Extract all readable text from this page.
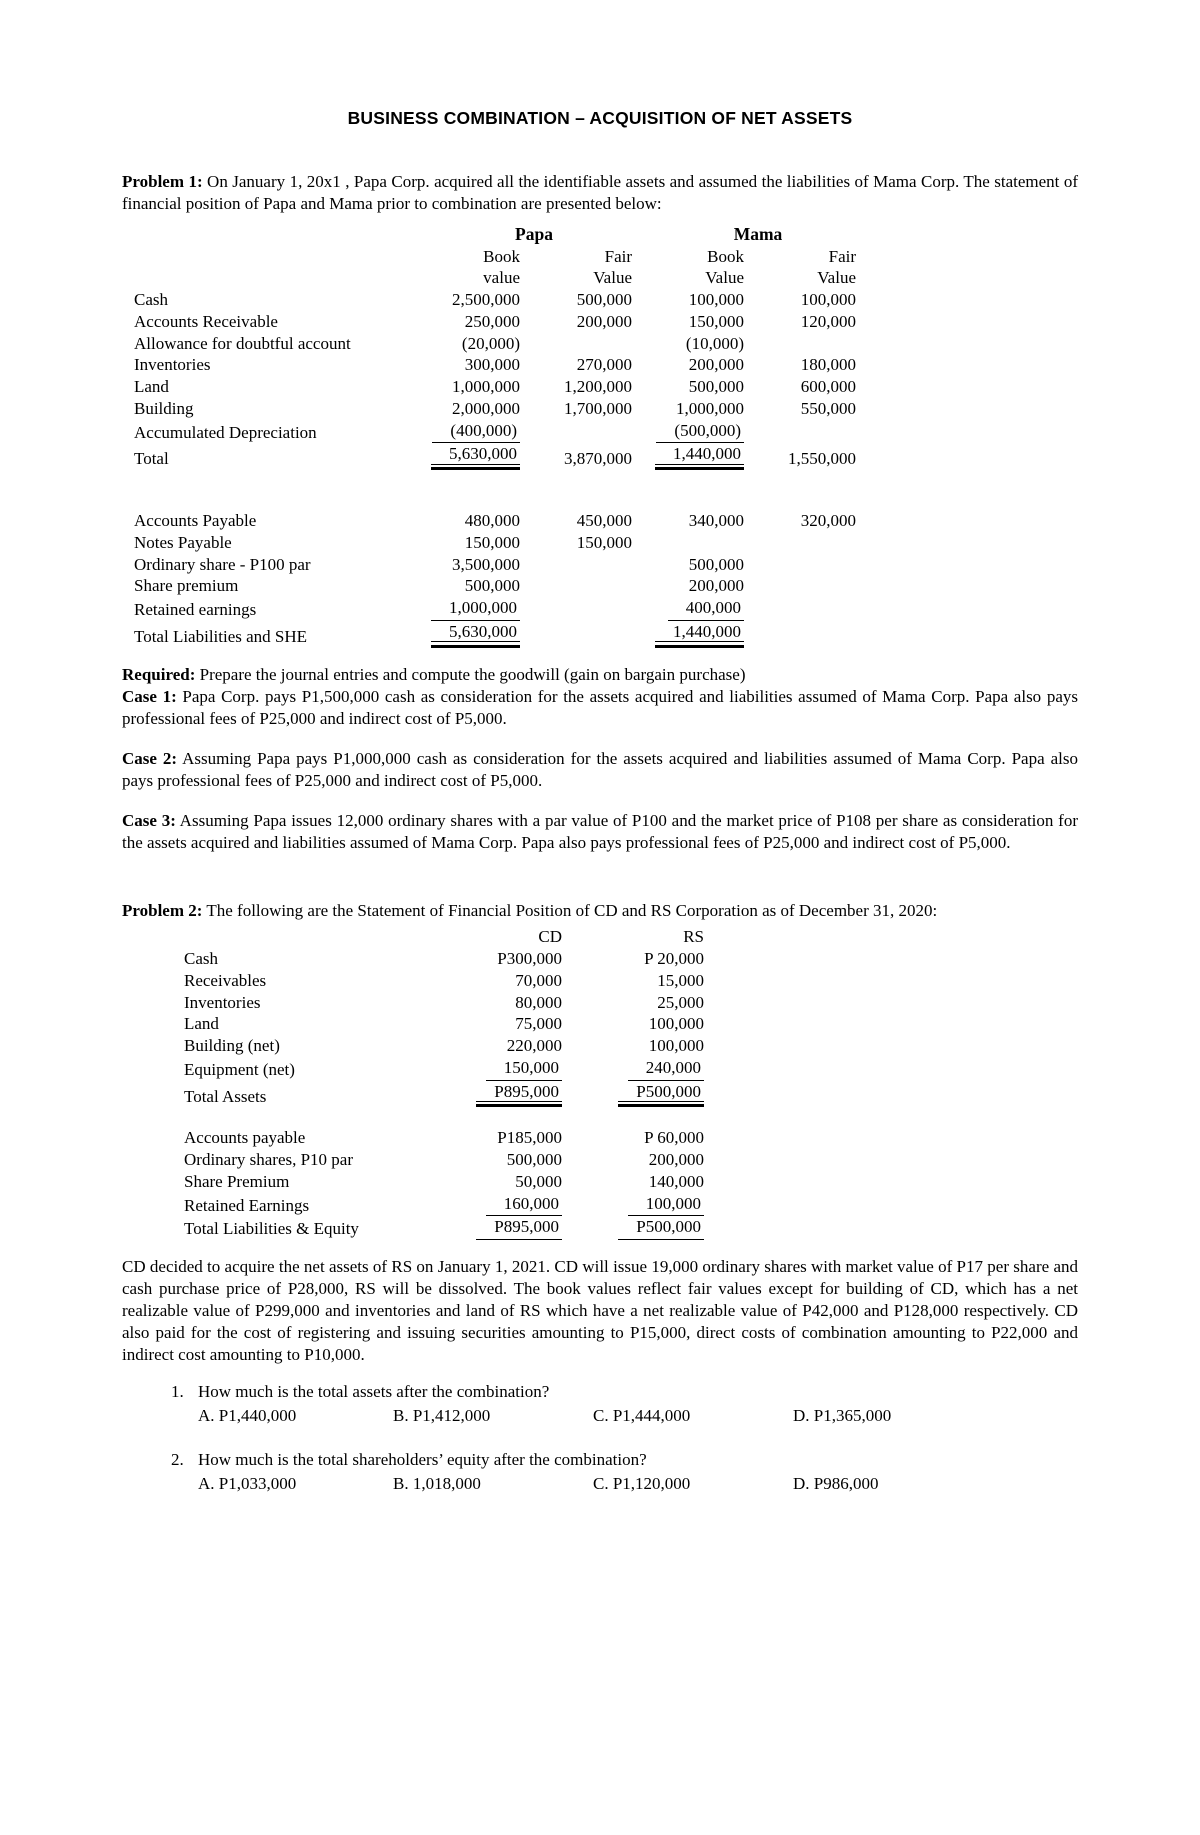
BUSINESS COMBINATION – ACQUISITION OF NET ASSETS

Problem 1: On January 1, 20x1 , Papa Corp. acquired all the identifiable assets and assumed the liabilities of Mama Corp. The statement of financial position of Papa and Mama prior to combination are presented below:

	Papa		Mama		
	Book	Fair	Book	Fair	
	value	Value	Value	Value	
Cash	2,500,000	500,000	100,000	100,000	
Accounts Receivable	250,000	200,000	150,000	120,000	
Allowance for doubtful account	(20,000)		(10,000)		
Inventories	300,000	270,000	200,000	180,000	
Land	1,000,000	1,200,000	500,000	600,000	
Building	2,000,000	1,700,000	1,000,000	550,000	
Accumulated Depreciation	(400,000)		(500,000)		
Total	5,630,000	3,870,000	1,440,000	1,550,000	

Accounts Payable	480,000	450,000	340,000	320,000	
Notes Payable	150,000	150,000			
Ordinary share - P100 par	3,500,000		500,000		
Share premium	500,000		200,000		
Retained earnings	1,000,000		400,000		
Total Liabilities and SHE	5,630,000		1,440,000		

Required: Prepare the journal entries and compute the goodwill (gain on bargain purchase)

Case 1: Papa Corp. pays P1,500,000 cash as consideration for the assets acquired and liabilities assumed of Mama Corp. Papa also pays professional fees of P25,000 and indirect cost of P5,000.

Case 2: Assuming Papa pays P1,000,000 cash as consideration for the assets acquired and liabilities assumed of Mama Corp. Papa also pays professional fees of P25,000 and indirect cost of P5,000.

Case 3: Assuming Papa issues 12,000 ordinary shares with a par value of P100 and the market price of P108 per share as consideration for the assets acquired and liabilities assumed of Mama Corp. Papa also pays professional fees of P25,000 and indirect cost of P5,000.

Problem 2: The following are the Statement of Financial Position of CD and RS Corporation as of December 31, 2020:

	CD	RS	
Cash	P300,000	P 20,000	
Receivables	70,000	15,000	
Inventories	80,000	25,000	
Land	75,000	100,000	
Building (net)	220,000	100,000	
Equipment (net)	150,000	240,000	
Total Assets	P895,000	P500,000	

Accounts payable	P185,000	P 60,000	
Ordinary shares, P10 par	500,000	200,000	
Share Premium	50,000	140,000	
Retained Earnings	160,000	100,000	
Total Liabilities & Equity	P895,000	P500,000	

CD decided to acquire the net assets of RS on January 1, 2021. CD will issue 19,000 ordinary shares with market value of P17 per share and cash purchase price of P28,000, RS will be dissolved. The book values reflect fair values except for building of CD, which has a net realizable value of P299,000 and inventories and land of RS which have a net realizable value of P42,000 and P128,000 respectively. CD also paid for the cost of registering and issuing securities amounting to P15,000, direct costs of combination amounting to P22,000 and indirect cost amounting to P10,000.

1. How much is the total assets after the combination?
A. P1,440,000	B. P1,412,000	C. P1,444,000	D. P1,365,000
2. How much is the total shareholders’ equity after the combination?
A. P1,033,000	B. 1,018,000	C. P1,120,000	D. P986,000
